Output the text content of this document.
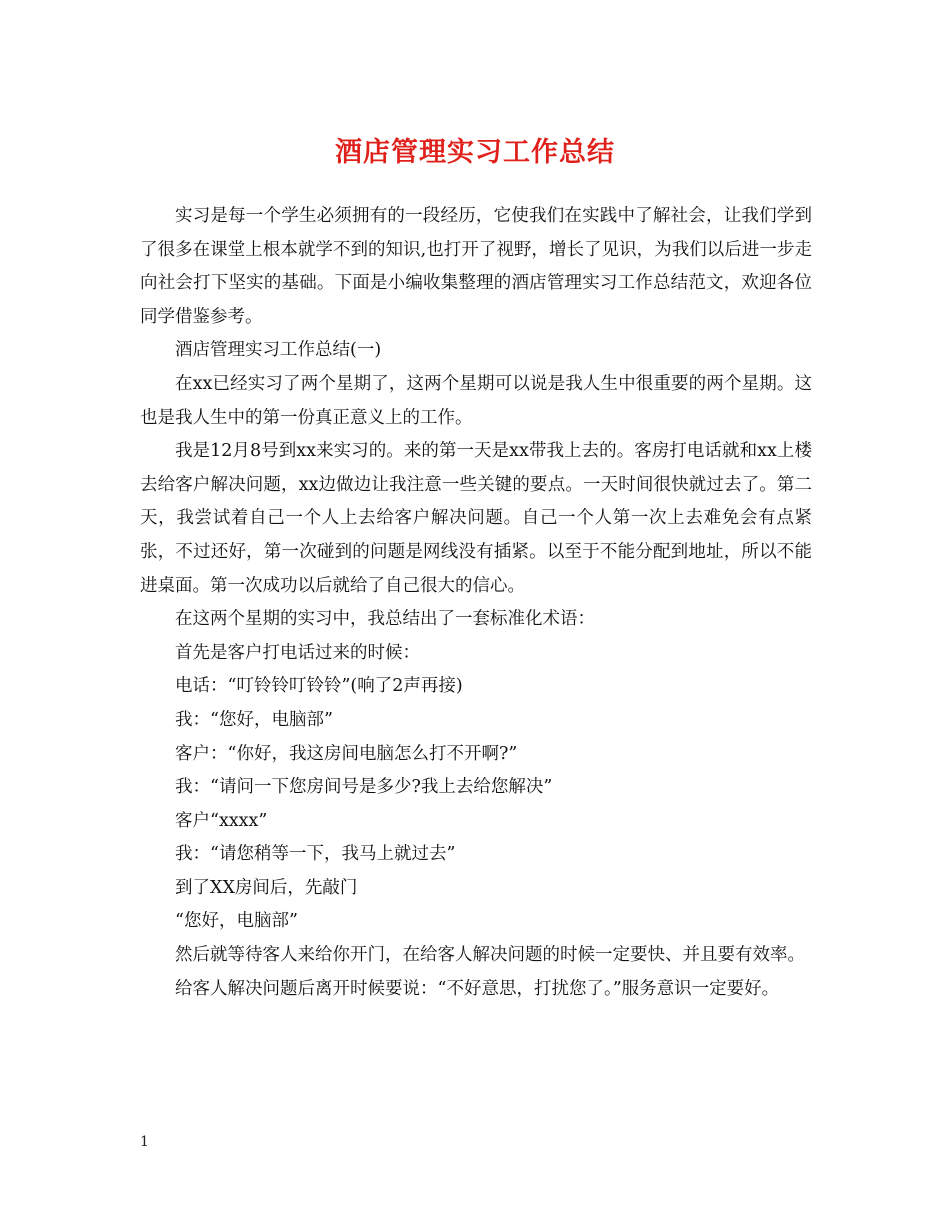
酒店管理实习工作总结

实习是每一个学生必须拥有的一段经历，它使我们在实践中了解社会，让我们学到了很多在课堂上根本就学不到的知识,也打开了视野，增长了见识，为我们以后进一步走向社会打下坚实的基础。下面是小编收集整理的酒店管理实习工作总结范文，欢迎各位同学借鉴参考。

酒店管理实习工作总结(一)

在xx已经实习了两个星期了，这两个星期可以说是我人生中很重要的两个星期。这也是我人生中的第一份真正意义上的工作。

我是12月8号到xx来实习的。来的第一天是xx带我上去的。客房打电话就和xx上楼去给客户解决问题，xx边做边让我注意一些关键的要点。一天时间很快就过去了。第二天，我尝试着自己一个人上去给客户解决问题。自己一个人第一次上去难免会有点紧张，不过还好，第一次碰到的问题是网线没有插紧。以至于不能分配到地址，所以不能进桌面。第一次成功以后就给了自己很大的信心。

在这两个星期的实习中，我总结出了一套标准化术语：

首先是客户打电话过来的时候：

电话：“叮铃铃叮铃铃”(响了2声再接)

我：“您好，电脑部”

客户：“你好，我这房间电脑怎么打不开啊?”

我：“请问一下您房间号是多少?我上去给您解决”

客户“xxxx”

我：“请您稍等一下，我马上就过去”

到了XX房间后，先敲门

“您好，电脑部”

然后就等待客人来给你开门，在给客人解决问题的时候一定要快、并且要有效率。

给客人解决问题后离开时候要说：“不好意思，打扰您了。”服务意识一定要好。

1
